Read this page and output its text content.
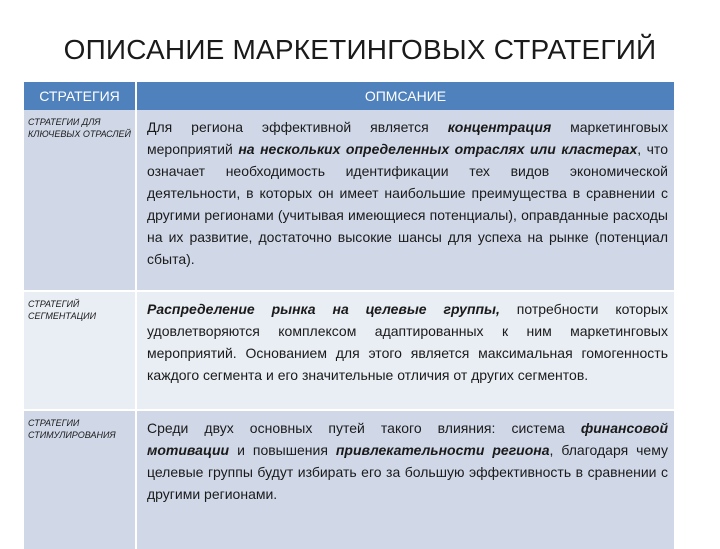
ОПИСАНИЕ МАРКЕТИНГОВЫХ СТРАТЕГИЙ
СТРАТЕГИЯ	ОПМСАНИЕ
СТРАТЕГИИ ДЛЯ КЛЮЧЕВЫХ ОТРАСЛЕЙ	Для региона эффективной является концентрация маркетинговых мероприятий на нескольких определенных отраслях или кластерах, что означает необходимость идентификации тех видов экономической деятельности, в которых он имеет наибольшие преимущества в сравнении с другими регионами (учитывая имеющиеся потенциалы), оправданные расходы на их развитие, достаточно высокие шансы для успеха на рынке (потенциал сбыта).
СТРАТЕГИЙ СЕГМЕНТАЦИИ	Распределение рынка на целевые группы, потребности которых удовлетворяются комплексом адаптированных к ним маркетинговых мероприятий. Основанием для этого является максимальная гомогенность каждого сегмента и его значительные отличия от других сегментов.
СТРАТЕГИИ СТИМУЛИРОВАНИЯ	Среди двух основных путей такого влияния: система финансовой мотивации и повышения привлекательности региона, благодаря чему целевые группы будут избирать его за большую эффективность в сравнении с другими регионами.
